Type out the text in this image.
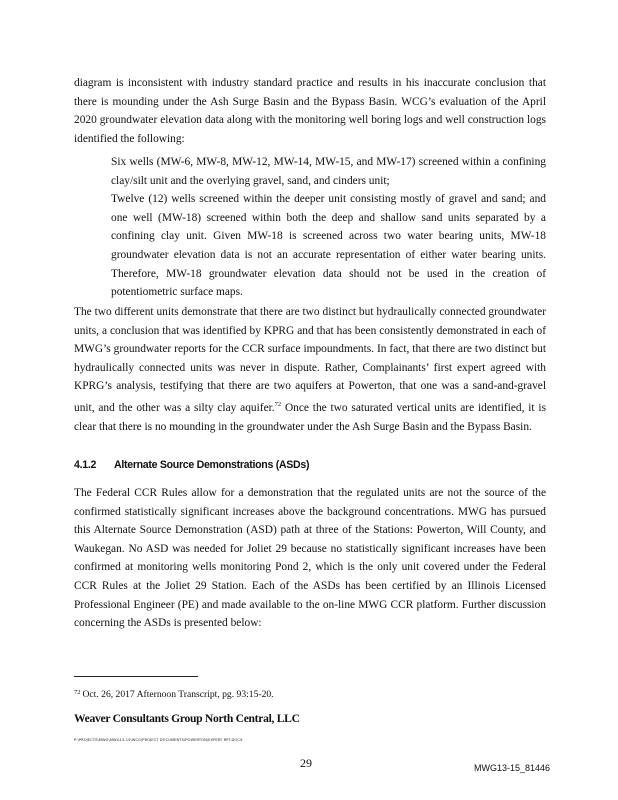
diagram is inconsistent with industry standard practice and results in his inaccurate conclusion that there is mounding under the Ash Surge Basin and the Bypass Basin. WCG’s evaluation of the April 2020 groundwater elevation data along with the monitoring well boring logs and well construction logs identified the following:

Six wells (MW-6, MW-8, MW-12, MW-14, MW-15, and MW-17) screened within a confining clay/silt unit and the overlying gravel, sand, and cinders unit;
Twelve (12) wells screened within the deeper unit consisting mostly of gravel and sand; and one well (MW-18) screened within both the deep and shallow sand units separated by a confining clay unit. Given MW-18 is screened across two water bearing units, MW-18 groundwater elevation data is not an accurate representation of either water bearing units. Therefore, MW-18 groundwater elevation data should not be used in the creation of potentiometric surface maps.

The two different units demonstrate that there are two distinct but hydraulically connected groundwater units, a conclusion that was identified by KPRG and that has been consistently demonstrated in each of MWG’s groundwater reports for the CCR surface impoundments. In fact, that there are two distinct but hydraulically connected units was never in dispute. Rather, Complainants’ first expert agreed with KPRG’s analysis, testifying that there are two aquifers at Powerton, that one was a sand-and-gravel unit, and the other was a silty clay aquifer.$^{72}$ Once the two saturated vertical units are identified, it is clear that there is no mounding in the groundwater under the Ash Surge Basin and the Bypass Basin.

4.1.2 Alternate Source Demonstrations (ASDs)

The Federal CCR Rules allow for a demonstration that the regulated units are not the source of the confirmed statistically significant increases above the background concentrations. MWG has pursued this Alternate Source Demonstration (ASD) path at three of the Stations: Powerton, Will County, and Waukegan. No ASD was needed for Joliet 29 because no statistically significant increases have been confirmed at monitoring wells monitoring Pond 2, which is the only unit covered under the Federal CCR Rules at the Joliet 29 Station. Each of the ASDs has been certified by an Illinois Licensed Professional Engineer (PE) and made available to the on-line MWG CCR platform. Further discussion concerning the ASDs is presented below:

$^{72}$ Oct. 26, 2017 Afternoon Transcript, pg. 93:15-20.
Weaver Consultants Group North Central, LLC
P:\PROJECTS\MWG\MWG13-15\WCG\PROJECT DOCUMENTS\POWERTON\EXPERT RPT.DOCX
29	MWG13-15_81446
